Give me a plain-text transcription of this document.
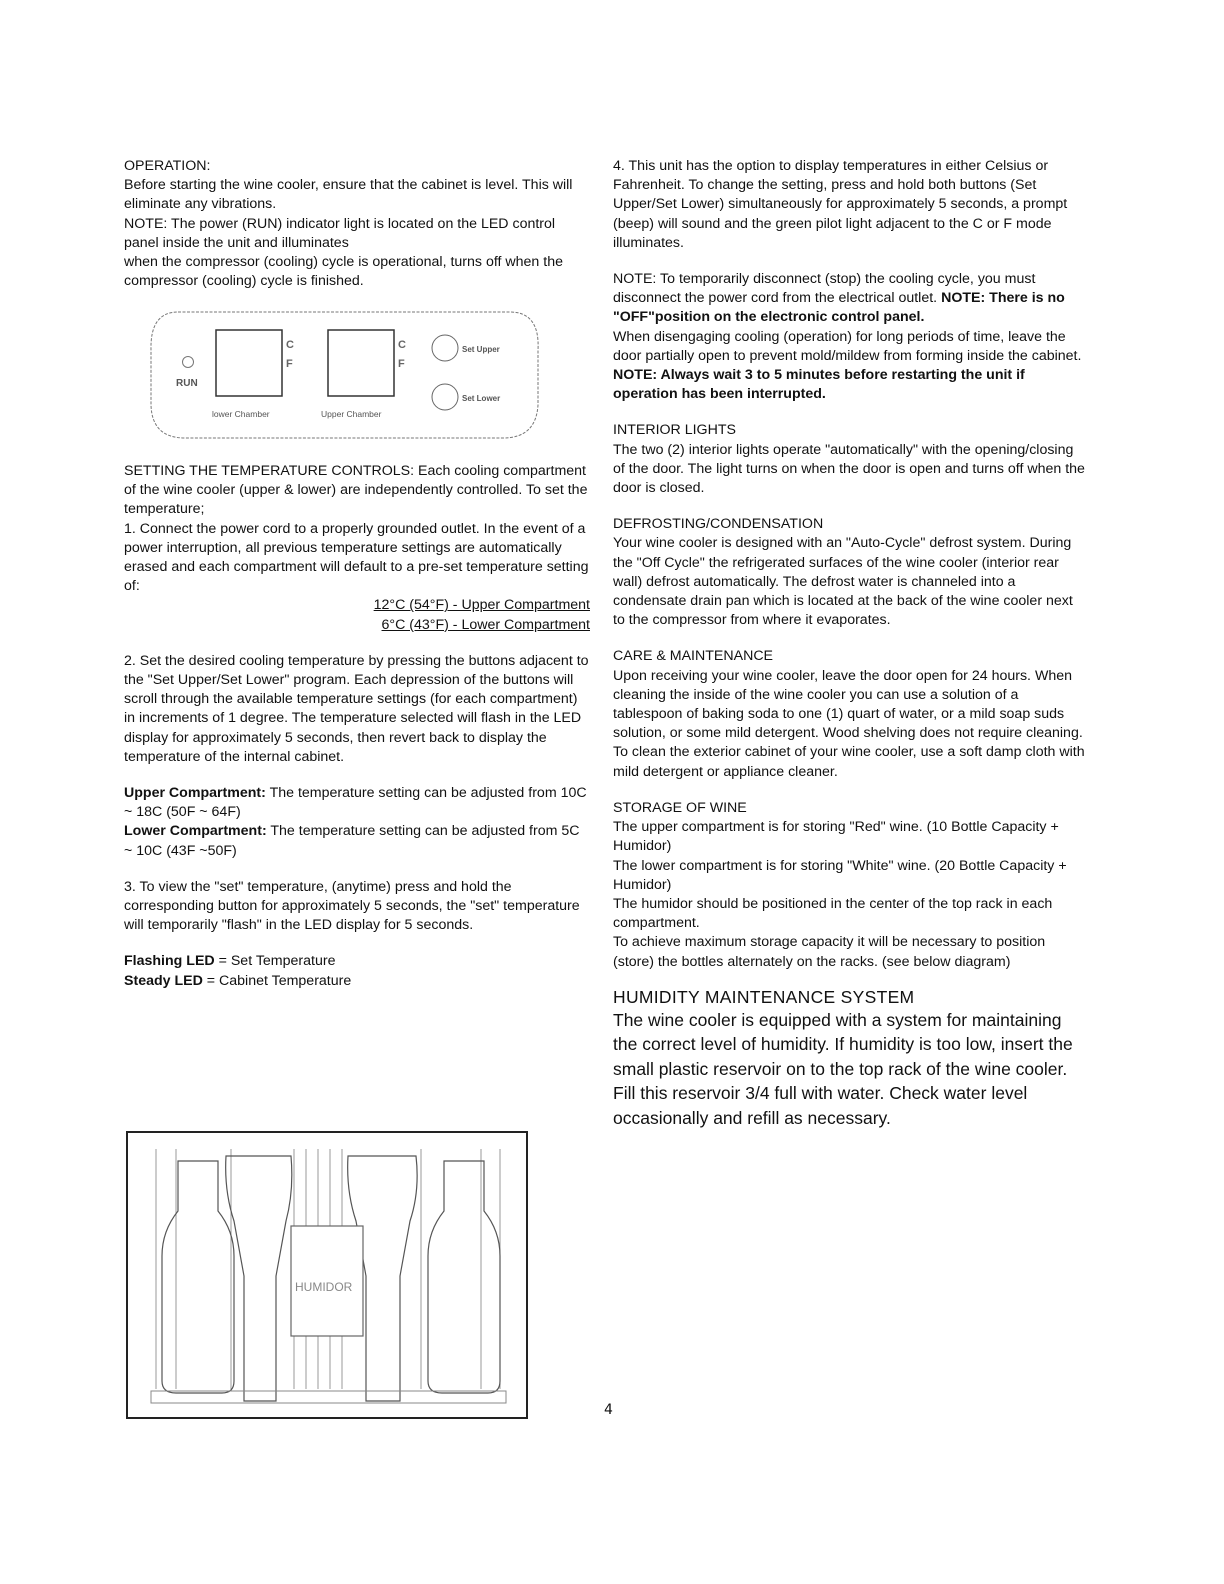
OPERATION:

Before starting the wine cooler, ensure that the cabinet is level. This will eliminate any vibrations.

NOTE: The power (RUN) indicator light is located on the LED control panel inside the unit and illuminates

when the compressor (cooling) cycle is operational, turns off when the compressor (cooling) cycle is finished.

RUN
C
F
lower Chamber
C
F
Upper Chamber
Set Upper
Set Lower

SETTING THE TEMPERATURE CONTROLS: Each cooling compartment of the wine cooler (upper & lower) are independently controlled. To set the temperature;

1. Connect the power cord to a properly grounded outlet. In the event of a power interruption, all previous temperature settings are automatically erased and each compartment will default to a pre-set temperature setting of:

12°C (54°F) - Upper Compartment
6°C (43°F) - Lower Compartment

2. Set the desired cooling temperature by pressing the buttons adjacent to the "Set Upper/Set Lower" program. Each depression of the buttons will scroll through the available temperature settings (for each compartment) in increments of 1 degree. The temperature selected will flash in the LED display for approximately 5 seconds, then revert back to display the temperature of the internal cabinet.

Upper Compartment: The temperature setting can be adjusted from 10C ~ 18C (50F ~ 64F)

Lower Compartment: The temperature setting can be adjusted from 5C ~ 10C (43F ~50F)

3. To view the "set" temperature, (anytime) press and hold the corresponding button for approximately 5 seconds, the "set" temperature will temporarily "flash" in the LED display for 5 seconds.

Flashing LED = Set Temperature

Steady LED = Cabinet Temperature

HUMIDOR

4. This unit has the option to display temperatures in either Celsius or Fahrenheit. To change the setting, press and hold both buttons (Set Upper/Set Lower) simultaneously for approximately 5 seconds, a prompt (beep) will sound and the green pilot light adjacent to the C or F mode illuminates.

NOTE: To temporarily disconnect (stop) the cooling cycle, you must disconnect the power cord from the electrical outlet. NOTE: There is no "OFF"position on the electronic control panel.

When disengaging cooling (operation) for long periods of time, leave the door partially open to prevent mold/mildew from forming inside the cabinet.

NOTE: Always wait 3 to 5 minutes before restarting the unit if operation has been interrupted.

INTERIOR LIGHTS

The two (2) interior lights operate "automatically" with the opening/closing of the door. The light turns on when the door is open and turns off when the door is closed.

DEFROSTING/CONDENSATION

Your wine cooler is designed with an "Auto-Cycle" defrost system. During the "Off Cycle" the refrigerated surfaces of the wine cooler (interior rear wall) defrost automatically. The defrost water is channeled into a condensate drain pan which is located at the back of the wine cooler next to the compressor from where it evaporates.

CARE & MAINTENANCE

Upon receiving your wine cooler, leave the door open for 24 hours. When cleaning the inside of the wine cooler you can use a solution of a tablespoon of baking soda to one (1) quart of water, or a mild soap suds solution, or some mild detergent. Wood shelving does not require cleaning. To clean the exterior cabinet of your wine cooler, use a soft damp cloth with mild detergent or appliance cleaner.

STORAGE OF WINE

The upper compartment is for storing "Red" wine. (10 Bottle Capacity + Humidor)

The lower compartment is for storing "White" wine. (20 Bottle Capacity + Humidor)

The humidor should be positioned in the center of the top rack in each compartment.

To achieve maximum storage capacity it will be necessary to position (store) the bottles alternately on the racks. (see below diagram)

HUMIDITY MAINTENANCE SYSTEM

The wine cooler is equipped with a system for maintaining the correct level of humidity. If humidity is too low, insert the small plastic reservoir on to the top rack of the wine cooler. Fill this reservoir 3/4 full with water. Check water level occasionally and refill as necessary.

4
